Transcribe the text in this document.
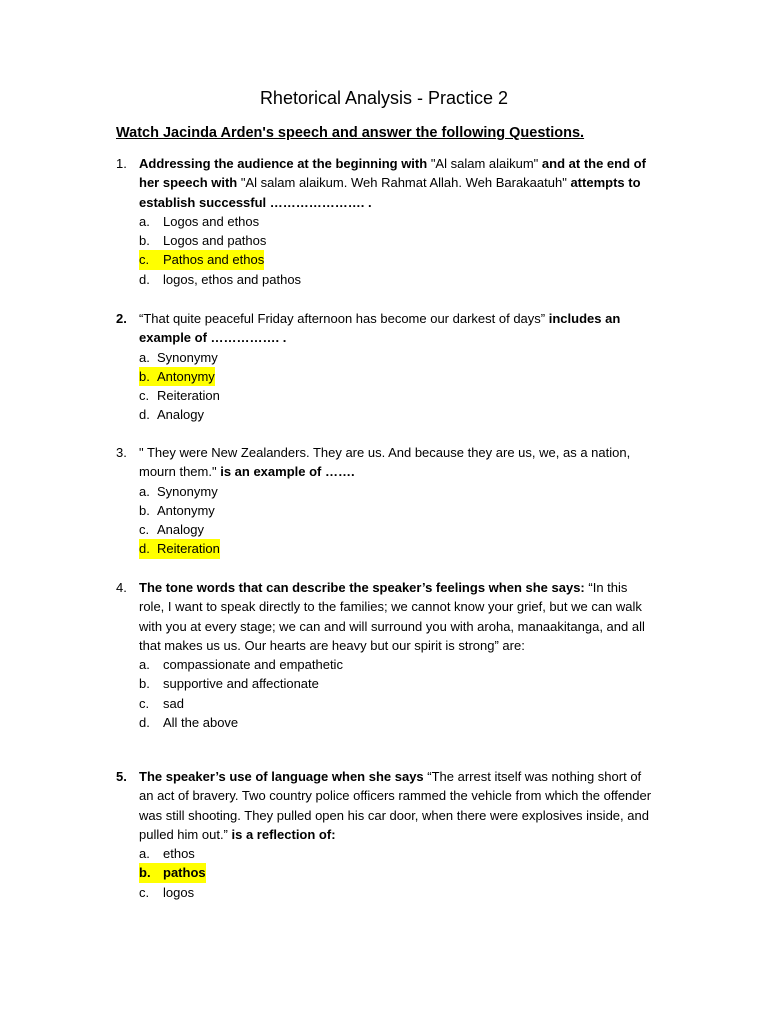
Rhetorical Analysis - Practice 2
Watch Jacinda Arden's speech and answer the following Questions.
1. Addressing the audience at the beginning with "Al salam alaikum" and at the end of her speech with "Al salam alaikum. Weh Rahmat Allah. Weh Barakaatuh" attempts to establish successful …………………. .
a.	Logos and ethos
b.	Logos and pathos
c.	Pathos and ethos
d.	logos, ethos and pathos
2. “That quite peaceful Friday afternoon has become our darkest of days” includes an example of ……………. .
a. Synonymy
b. Antonymy
c. Reiteration
d. Analogy
3. " They were New Zealanders. They are us. And because they are us, we, as a nation, mourn them." is an example of …….
a. Synonymy
b. Antonymy
c. Analogy
d. Reiteration
4. The tone words that can describe the speaker’s feelings when she says: “In this role, I want to speak directly to the families; we cannot know your grief, but we can walk with you at every stage; we can and will surround you with aroha, manaakitanga, and all that makes us us. Our hearts are heavy but our spirit is strong” are:
a.	compassionate and empathetic
b.	supportive and affectionate
c.	sad
d.	All the above
5. The speaker’s use of language when she says “The arrest itself was nothing short of an act of bravery. Two country police officers rammed the vehicle from which the offender was still shooting. They pulled open his car door, when there were explosives inside, and pulled him out.” is a reflection of:
a.	ethos
b. pathos
c.	logos
